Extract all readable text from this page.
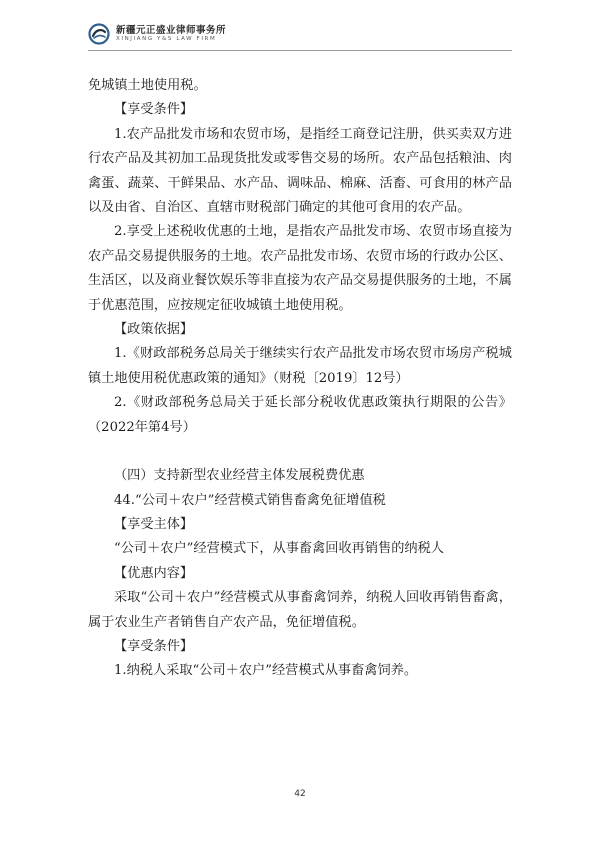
新疆元正盛业律师事务所
XINJIANG Y&S LAW FIRM

免城镇土地使用税。

【享受条件】

1.农产品批发市场和农贸市场，是指经工商登记注册，供买卖双方进行农产品及其初加工品现货批发或零售交易的场所。农产品包括粮油、肉禽蛋、蔬菜、干鲜果品、水产品、调味品、棉麻、活畜、可食用的林产品以及由省、自治区、直辖市财税部门确定的其他可食用的农产品。

2.享受上述税收优惠的土地，是指农产品批发市场、农贸市场直接为农产品交易提供服务的土地。农产品批发市场、农贸市场的行政办公区、生活区，以及商业餐饮娱乐等非直接为农产品交易提供服务的土地，不属于优惠范围，应按规定征收城镇土地使用税。

【政策依据】

1.《财政部税务总局关于继续实行农产品批发市场农贸市场房产税城镇土地使用税优惠政策的通知》（财税〔2019〕12号）

2.《财政部税务总局关于延长部分税收优惠政策执行期限的公告》（2022年第4号）

（四）支持新型农业经营主体发展税费优惠

44.“公司＋农户”经营模式销售畜禽免征增值税

【享受主体】

“公司＋农户”经营模式下，从事畜禽回收再销售的纳税人

【优惠内容】

采取“公司＋农户”经营模式从事畜禽饲养，纳税人回收再销售畜禽，属于农业生产者销售自产农产品，免征增值税。

【享受条件】

1.纳税人采取“公司＋农户”经营模式从事畜禽饲养。

42
